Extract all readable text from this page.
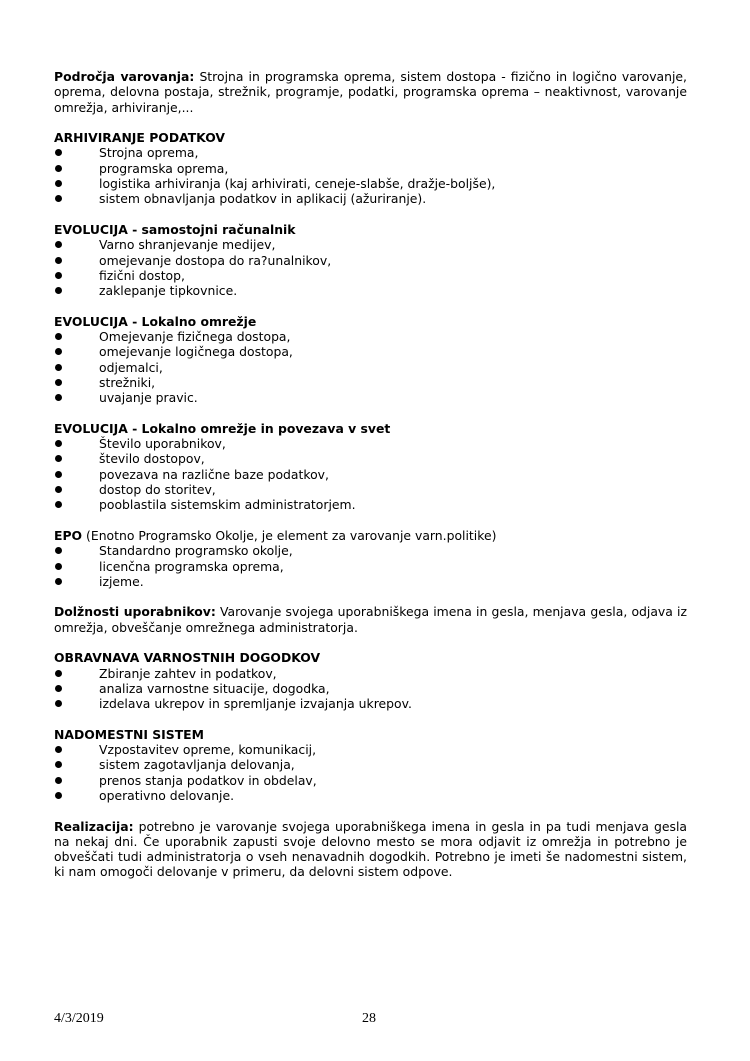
Področja varovanja: Strojna in programska oprema, sistem dostopa - fizično in logično varovanje, oprema, delovna postaja, strežnik, programje, podatki, programska oprema – neaktivnost, varovanje omrežja, arhiviranje,...

ARHIVIRANJE PODATKOV

Strojna oprema,
programska oprema,
logistika arhiviranja (kaj arhivirati, ceneje-slabše, dražje-boljše),
sistem obnavljanja podatkov in aplikacij (ažuriranje).

EVOLUCIJA - samostojni računalnik

Varno shranjevanje medijev,
omejevanje dostopa do ra?unalnikov,
fizični dostop,
zaklepanje tipkovnice.

EVOLUCIJA - Lokalno omrežje

Omejevanje fizičnega dostopa,
omejevanje logičnega dostopa,
odjemalci,
strežniki,
uvajanje pravic.

EVOLUCIJA - Lokalno omrežje in povezava v svet

Število uporabnikov,
število dostopov,
povezava na različne baze podatkov,
dostop do storitev,
pooblastila sistemskim administratorjem.

EPO (Enotno Programsko Okolje, je element za varovanje varn.politike)

Standardno programsko okolje,
licenčna programska oprema,
izjeme.

Dolžnosti uporabnikov: Varovanje svojega uporabniškega imena in gesla, menjava gesla, odjava iz omrežja, obveščanje omrežnega administratorja.

OBRAVNAVA VARNOSTNIH DOGODKOV

Zbiranje zahtev in podatkov,
analiza varnostne situacije, dogodka,
izdelava ukrepov in spremljanje izvajanja ukrepov.

NADOMESTNI SISTEM

Vzpostavitev opreme, komunikacij,
sistem zagotavljanja delovanja,
prenos stanja podatkov in obdelav,
operativno delovanje.

Realizacija: potrebno je varovanje svojega uporabniškega imena in gesla in pa tudi menjava gesla na nekaj dni. Če uporabnik zapusti svoje delovno mesto se mora odjavit iz omrežja in potrebno je obveščati tudi administratorja o vseh nenavadnih dogodkih. Potrebno je imeti še nadomestni sistem, ki nam omogoči delovanje v primeru, da delovni sistem odpove.

4/3/2019	28
